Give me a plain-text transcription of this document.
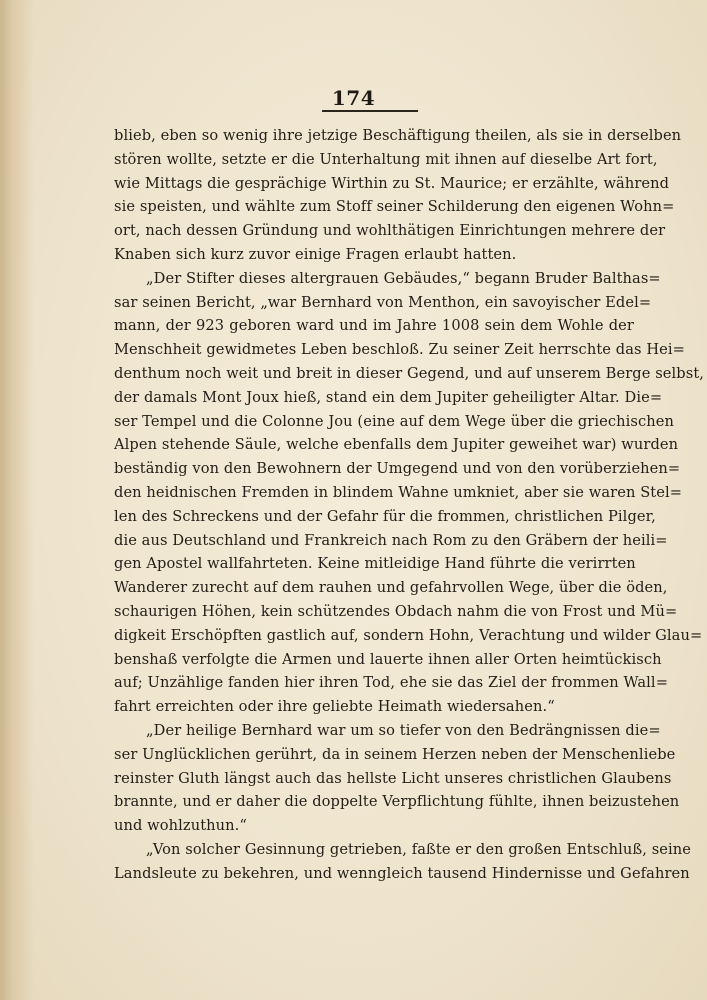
174
blieb, eben so wenig ihre jetzige Beschäftigung theilen, als sie in derselben
stören wollte, setzte er die Unterhaltung mit ihnen auf dieselbe Art fort,
wie Mittags die gesprächige Wirthin zu St. Maurice; er erzählte, während
sie speisten, und wählte zum Stoff seiner Schilderung den eigenen Wohn=
ort, nach dessen Gründung und wohlthätigen Einrichtungen mehrere der
Knaben sich kurz zuvor einige Fragen erlaubt hatten.
„Der Stifter dieses altergrauen Gebäudes,“ begann Bruder Balthas=
sar seinen Bericht, „war Bernhard von Menthon, ein savoyischer Edel=
mann, der 923 geboren ward und im Jahre 1008 sein dem Wohle der
Menschheit gewidmetes Leben beschloß. Zu seiner Zeit herrschte das Hei=
denthum noch weit und breit in dieser Gegend, und auf unserem Berge selbst,
der damals Mont Joux hieß, stand ein dem Jupiter geheiligter Altar. Die=
ser Tempel und die Colonne Jou (eine auf dem Wege über die griechischen
Alpen stehende Säule, welche ebenfalls dem Jupiter geweihet war) wurden
beständig von den Bewohnern der Umgegend und von den vorüberziehen=
den heidnischen Fremden in blindem Wahne umkniet, aber sie waren Stel=
len des Schreckens und der Gefahr für die frommen, christlichen Pilger,
die aus Deutschland und Frankreich nach Rom zu den Gräbern der heili=
gen Apostel wallfahrteten. Keine mitleidige Hand führte die verirrten
Wanderer zurecht auf dem rauhen und gefahrvollen Wege, über die öden,
schaurigen Höhen, kein schützendes Obdach nahm die von Frost und Mü=
digkeit Erschöpften gastlich auf, sondern Hohn, Verachtung und wilder Glau=
benshaß verfolgte die Armen und lauerte ihnen aller Orten heimtückisch
auf; Unzählige fanden hier ihren Tod, ehe sie das Ziel der frommen Wall=
fahrt erreichten oder ihre geliebte Heimath wiedersahen.“
„Der heilige Bernhard war um so tiefer von den Bedrängnissen die=
ser Unglücklichen gerührt, da in seinem Herzen neben der Menschenliebe
reinster Gluth längst auch das hellste Licht unseres christlichen Glaubens
brannte, und er daher die doppelte Verpflichtung fühlte, ihnen beizustehen
und wohlzuthun.“
„Von solcher Gesinnung getrieben, faßte er den großen Entschluß, seine
Landsleute zu bekehren, und wenngleich tausend Hindernisse und Gefahren
